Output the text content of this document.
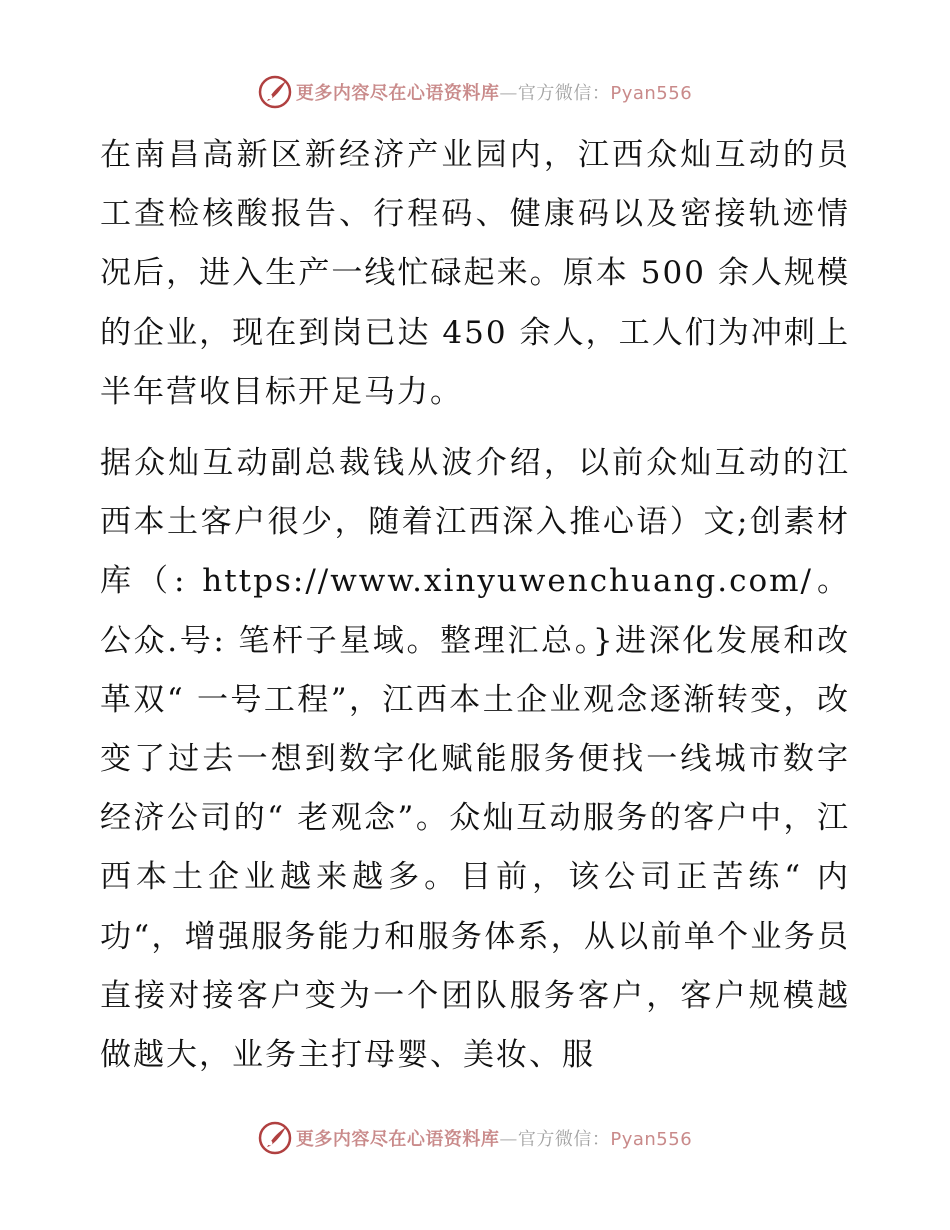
更多内容尽在心语资料库—官方微信：Pyan556

在南昌高新区新经济产业园内，江西众灿互动的员工查检核酸报告、行程码、健康码以及密接轨迹情况后，进入生产一线忙碌起来。原本 500 余人规模的企业，现在到岗已达 450 余人，工人们为冲刺上半年营收目标开足马力。

据众灿互动副总裁钱从波介绍，以前众灿互动的江西本土客户很少，随着江西深入推心语）文;创素材库（: https://www.xinyuwenchuang.com/。公众.号: 笔杆子星域。整理汇总。}进深化发展和改革双“ 一号工程”，江西本土企业观念逐渐转变，改变了过去一想到数字化赋能服务便找一线城市数字经济公司的“ 老观念”。众灿互动服务的客户中，江西本土企业越来越多。目前，该公司正苦练“ 内功“，增强服务能力和服务体系，从以前单个业务员直接对接客户变为一个团队服务客户，客户规模越做越大，业务主打母婴、美妆、服

更多内容尽在心语资料库—官方微信：Pyan556
